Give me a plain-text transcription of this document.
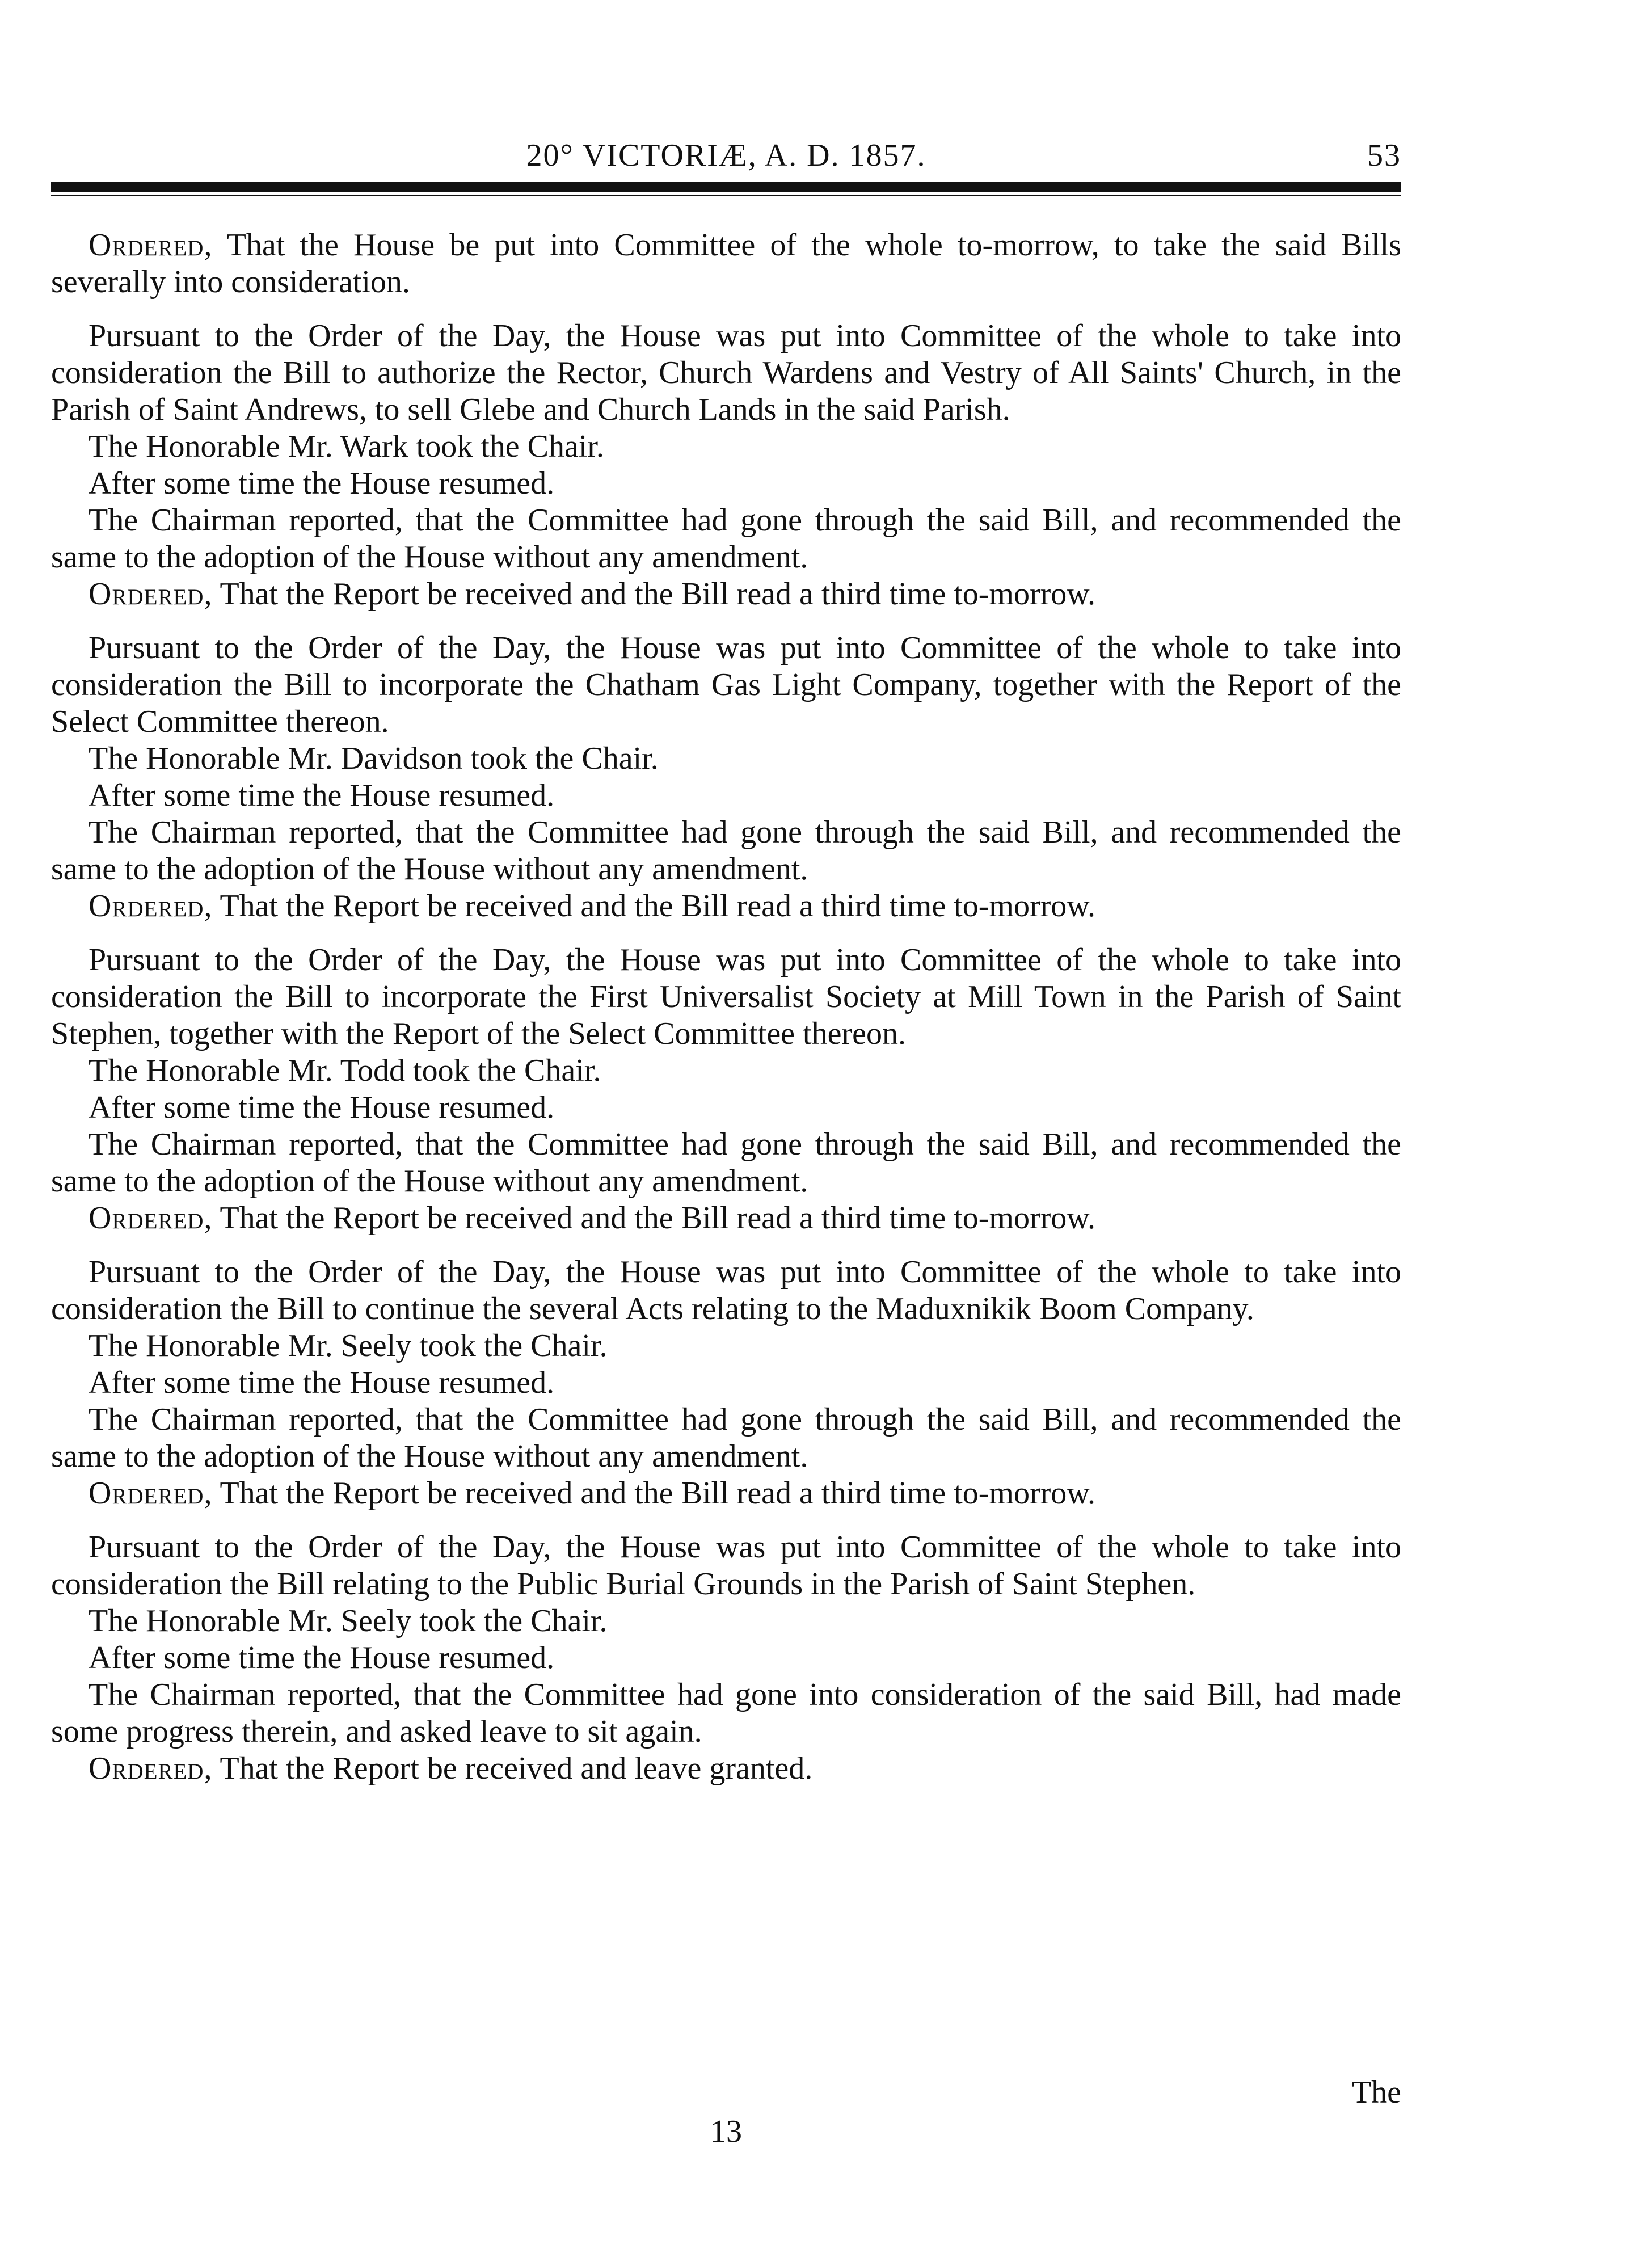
20° VICTORIÆ, A. D. 1857.	53

Ordered, That the House be put into Committee of the whole to-morrow, to take the said Bills severally into consideration.

Pursuant to the Order of the Day, the House was put into Committee of the whole to take into consideration the Bill to authorize the Rector, Church Wardens and Vestry of All Saints' Church, in the Parish of Saint Andrews, to sell Glebe and Church Lands in the said Parish.

The Honorable Mr. Wark took the Chair.

After some time the House resumed.

The Chairman reported, that the Committee had gone through the said Bill, and recommended the same to the adoption of the House without any amendment.

Ordered, That the Report be received and the Bill read a third time to-morrow.

Pursuant to the Order of the Day, the House was put into Committee of the whole to take into consideration the Bill to incorporate the Chatham Gas Light Company, together with the Report of the Select Committee thereon.

The Honorable Mr. Davidson took the Chair.

After some time the House resumed.

The Chairman reported, that the Committee had gone through the said Bill, and recommended the same to the adoption of the House without any amendment.

Ordered, That the Report be received and the Bill read a third time to-morrow.

Pursuant to the Order of the Day, the House was put into Committee of the whole to take into consideration the Bill to incorporate the First Universalist Society at Mill Town in the Parish of Saint Stephen, together with the Report of the Select Committee thereon.

The Honorable Mr. Todd took the Chair.

After some time the House resumed.

The Chairman reported, that the Committee had gone through the said Bill, and recommended the same to the adoption of the House without any amendment.

Ordered, That the Report be received and the Bill read a third time to-morrow.

Pursuant to the Order of the Day, the House was put into Committee of the whole to take into consideration the Bill to continue the several Acts relating to the Maduxnikik Boom Company.

The Honorable Mr. Seely took the Chair.

After some time the House resumed.

The Chairman reported, that the Committee had gone through the said Bill, and recommended the same to the adoption of the House without any amendment.

Ordered, That the Report be received and the Bill read a third time to-morrow.

Pursuant to the Order of the Day, the House was put into Committee of the whole to take into consideration the Bill relating to the Public Burial Grounds in the Parish of Saint Stephen.

The Honorable Mr. Seely took the Chair.

After some time the House resumed.

The Chairman reported, that the Committee had gone into consideration of the said Bill, had made some progress therein, and asked leave to sit again.

Ordered, That the Report be received and leave granted.

The
13
